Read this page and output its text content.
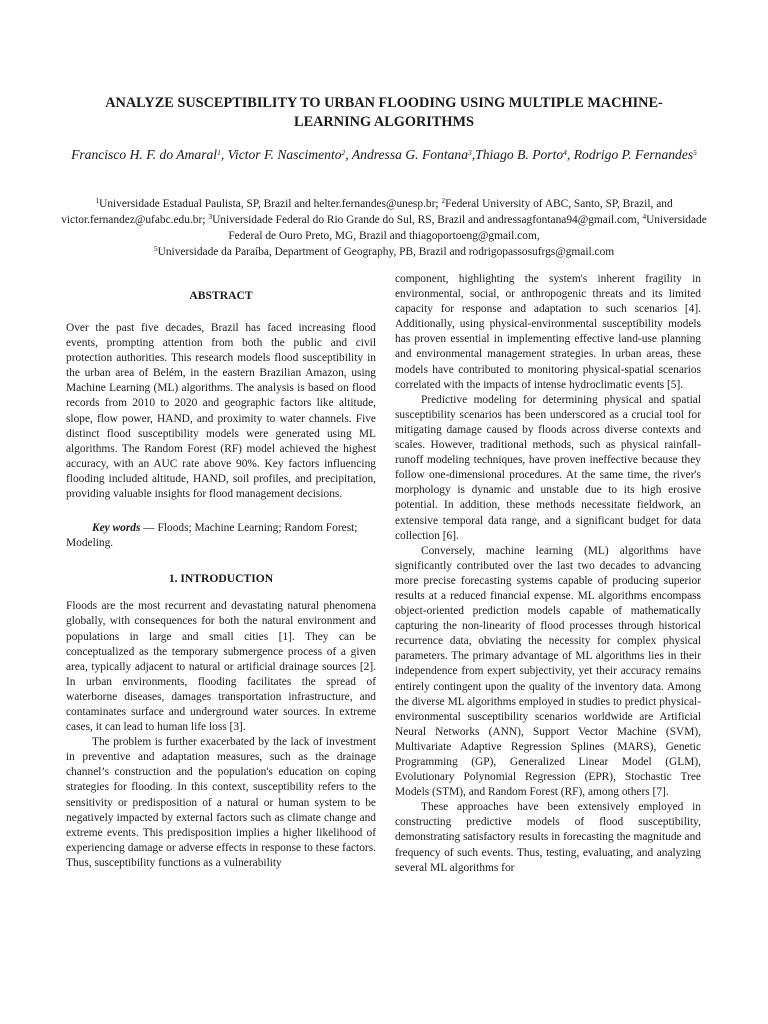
ANALYZE SUSCEPTIBILITY TO URBAN FLOODING USING MULTIPLE MACHINE-LEARNING ALGORITHMS
Francisco H. F. do Amaral$^1$, Victor F. Nascimento$^2$, Andressa G. Fontana$^3$,Thiago B. Porto$^4$, Rodrigo P. Fernandes$^5$
$^1$Universidade Estadual Paulista, SP, Brazil and helter.fernandes@unesp.br; $^2$Federal University of ABC, Santo, SP, Brazil, and victor.fernandez@ufabc.edu.br; $^3$Universidade Federal do Rio Grande do Sul, RS, Brazil and andressagfontana94@gmail.com, $^4$Universidade Federal de Ouro Preto, MG, Brazil and thiagoportoeng@gmail.com,
$^5$Universidade da Paraíba, Department of Geography, PB, Brazil and rodrigopassosufrgs@gmail.com
ABSTRACT

Over the past five decades, Brazil has faced increasing flood events, prompting attention from both the public and civil protection authorities. This research models flood susceptibility in the urban area of Belém, in the eastern Brazilian Amazon, using Machine Learning (ML) algorithms. The analysis is based on flood records from 2010 to 2020 and geographic factors like altitude, slope, flow power, HAND, and proximity to water channels. Five distinct flood susceptibility models were generated using ML algorithms. The Random Forest (RF) model achieved the highest accuracy, with an AUC rate above 90%. Key factors influencing flooding included altitude, HAND, soil profiles, and precipitation, providing valuable insights for flood management decisions.

Key words — Floods; Machine Learning; Random Forest; Modeling.

1. INTRODUCTION

Floods are the most recurrent and devastating natural phenomena globally, with consequences for both the natural environment and populations in large and small cities [1]. They can be conceptualized as the temporary submergence process of a given area, typically adjacent to natural or artificial drainage sources [2]. In urban environments, flooding facilitates the spread of waterborne diseases, damages transportation infrastructure, and contaminates surface and underground water sources. In extreme cases, it can lead to human life loss [3].

The problem is further exacerbated by the lack of investment in preventive and adaptation measures, such as the drainage channel’s construction and the population's education on coping strategies for flooding. In this context, susceptibility refers to the sensitivity or predisposition of a natural or human system to be negatively impacted by external factors such as climate change and extreme events. This predisposition implies a higher likelihood of experiencing damage or adverse effects in response to these factors. Thus, susceptibility functions as a vulnerability

component, highlighting the system's inherent fragility in environmental, social, or anthropogenic threats and its limited capacity for response and adaptation to such scenarios [4]. Additionally, using physical-environmental susceptibility models has proven essential in implementing effective land-use planning and environmental management strategies. In urban areas, these models have contributed to monitoring physical-spatial scenarios correlated with the impacts of intense hydroclimatic events [5].

Predictive modeling for determining physical and spatial susceptibility scenarios has been underscored as a crucial tool for mitigating damage caused by floods across diverse contexts and scales. However, traditional methods, such as physical rainfall-runoff modeling techniques, have proven ineffective because they follow one-dimensional procedures. At the same time, the river's morphology is dynamic and unstable due to its high erosive potential. In addition, these methods necessitate fieldwork, an extensive temporal data range, and a significant budget for data collection [6].

Conversely, machine learning (ML) algorithms have significantly contributed over the last two decades to advancing more precise forecasting systems capable of producing superior results at a reduced financial expense. ML algorithms encompass object-oriented prediction models capable of mathematically capturing the non-linearity of flood processes through historical recurrence data, obviating the necessity for complex physical parameters. The primary advantage of ML algorithms lies in their independence from expert subjectivity, yet their accuracy remains entirely contingent upon the quality of the inventory data. Among the diverse ML algorithms employed in studies to predict physical-environmental susceptibility scenarios worldwide are Artificial Neural Networks (ANN), Support Vector Machine (SVM), Multivariate Adaptive Regression Splines (MARS), Genetic Programming (GP), Generalized Linear Model (GLM), Evolutionary Polynomial Regression (EPR), Stochastic Tree Models (STM), and Random Forest (RF), among others [7].

These approaches have been extensively employed in constructing predictive models of flood susceptibility, demonstrating satisfactory results in forecasting the magnitude and frequency of such events. Thus, testing, evaluating, and analyzing several ML algorithms for
